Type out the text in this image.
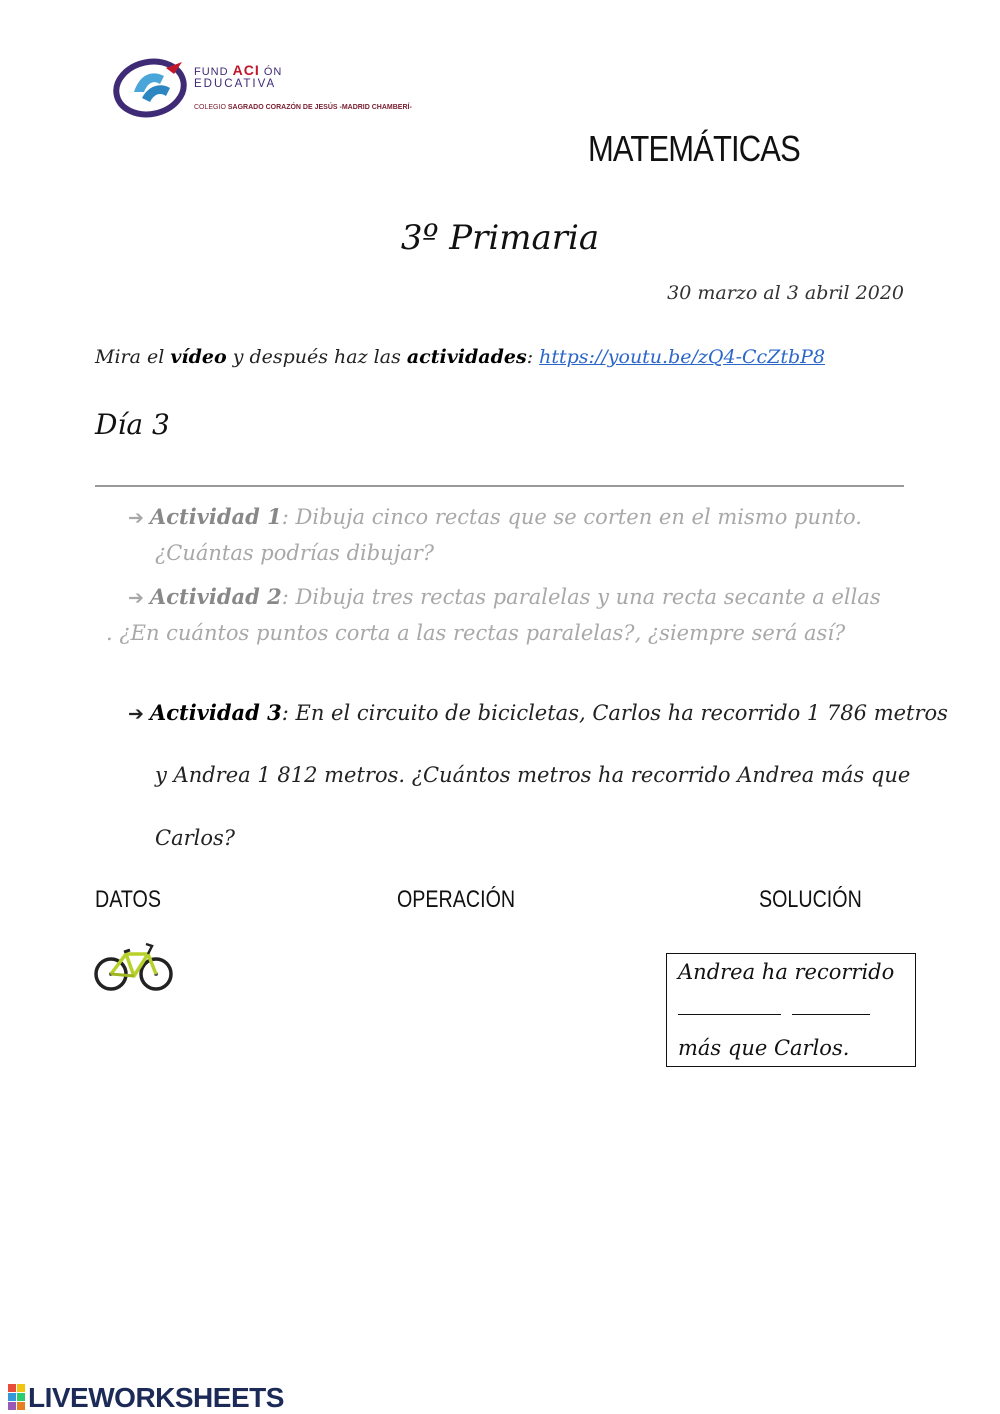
FUND ACI ÓN
EDUCATIVA
COLEGIO SAGRADO CORAZÓN DE JESÚS -MADRID CHAMBERÍ-
MATEMÁTICAS
3º Primaria
30 marzo al 3 abril 2020
Mira el vídeo y después haz las actividades: https://youtu.be/zQ4-CcZtbP8
Día 3
➔ Actividad 1: Dibuja cinco rectas que se corten en el mismo punto.
¿Cuántas podrías dibujar?
➔ Actividad 2: Dibuja tres rectas paralelas y una recta secante a ellas
. ¿En cuántos puntos corta a las rectas paralelas?, ¿siempre será así?
➔ Actividad 3: En el circuito de bicicletas, Carlos ha recorrido 1 786 metros
y Andrea 1 812 metros. ¿Cuántos metros ha recorrido Andrea más que
Carlos?
DATOS	OPERACIÓN	SOLUCIÓN
Andrea ha recorrido

más que Carlos.
LIVEWORKSHEETS
